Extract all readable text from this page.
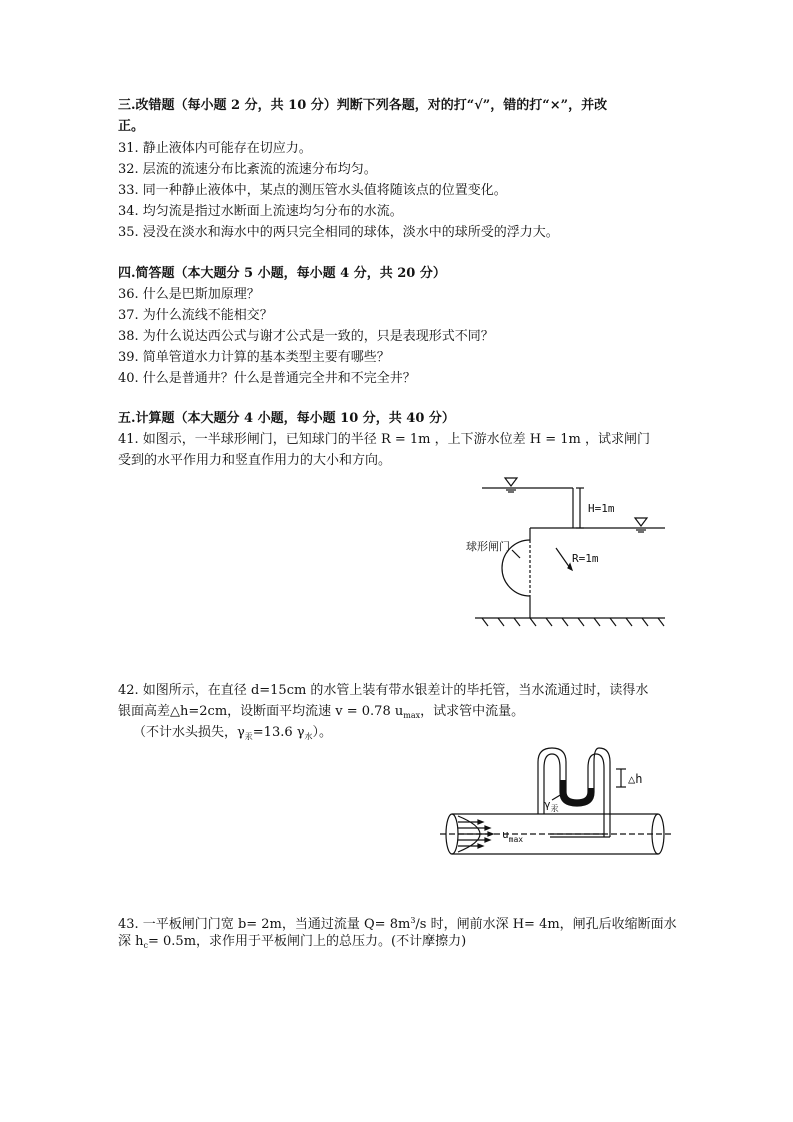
三.改错题（每小题 2 分，共 10 分）判断下列各题，对的打“√”，错的打“×”，并改
正。
31. 静止液体内可能存在切应力。
32. 层流的流速分布比紊流的流速分布均匀。
33. 同一种静止液体中，某点的测压管水头值将随该点的位置变化。
34. 均匀流是指过水断面上流速均匀分布的水流。
35. 浸没在淡水和海水中的两只完全相同的球体，淡水中的球所受的浮力大。
四.简答题（本大题分 5 小题，每小题 4 分，共 20 分）
36. 什么是巴斯加原理？
37. 为什么流线不能相交？
38. 为什么说达西公式与谢才公式是一致的，只是表现形式不同？
39. 简单管道水力计算的基本类型主要有哪些？
40. 什么是普通井？什么是普通完全井和不完全井？
五.计算题（本大题分 4 小题，每小题 10 分，共 40 分）
41. 如图示，一半球形闸门，已知球门的半径 R = 1m ，上下游水位差 H = 1m ，试求闸门
受到的水平作用力和竖直作用力的大小和方向。
H=1m
R=1m
球形闸门
42. 如图所示，在直径 d=15cm 的水管上装有带水银差计的毕托管，当水流通过时，读得水
银面高差△h=2cm，设断面平均流速 v = 0.78 $u_{max}$，试求管中流量。
（不计水头损失，$\gamma_汞=13.6$ $\gamma_水$）。
△h
$\gamma_汞$
$u_{max}$
43. 一平板闸门门宽 b= 2m，当通过流量 $Q= 8m^3/s$ 时，闸前水深 H= 4m，闸孔后收缩断面水
深 $h_c= 0.5m$，求作用于平板闸门上的总压力。(不计摩擦力)
